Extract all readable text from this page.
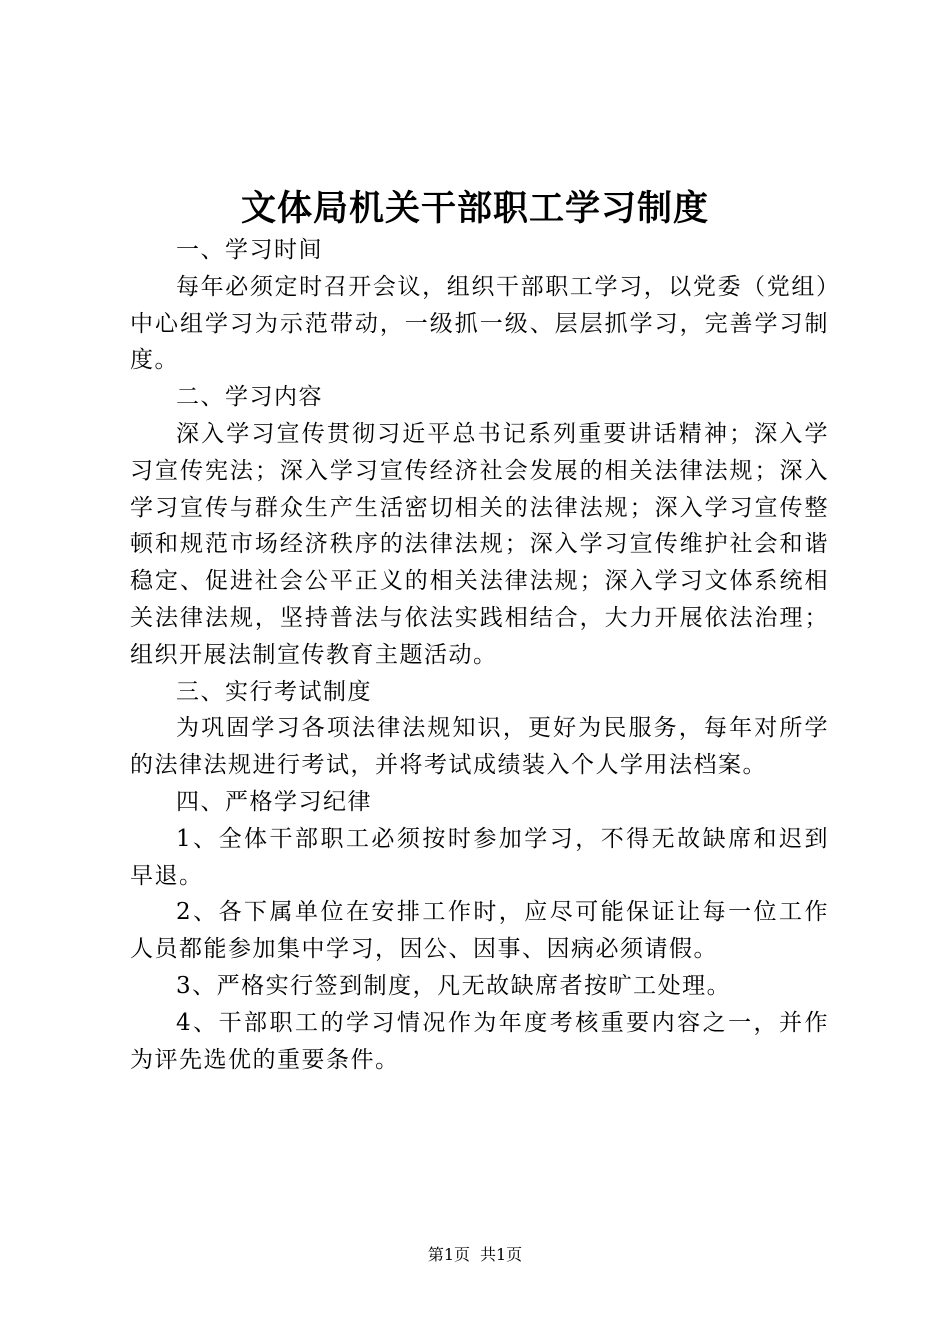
文体局机关干部职工学习制度

一、学习时间

每年必须定时召开会议，组织干部职工学习，以党委（党组）中心组学习为示范带动，一级抓一级、层层抓学习，完善学习制度。

二、学习内容

深入学习宣传贯彻习近平总书记系列重要讲话精神；深入学习宣传宪法；深入学习宣传经济社会发展的相关法律法规；深入学习宣传与群众生产生活密切相关的法律法规；深入学习宣传整顿和规范市场经济秩序的法律法规；深入学习宣传维护社会和谐稳定、促进社会公平正义的相关法律法规；深入学习文体系统相关法律法规，坚持普法与依法实践相结合，大力开展依法治理；组织开展法制宣传教育主题活动。

三、实行考试制度

为巩固学习各项法律法规知识，更好为民服务，每年对所学的法律法规进行考试，并将考试成绩装入个人学用法档案。

四、严格学习纪律

1、全体干部职工必须按时参加学习，不得无故缺席和迟到早退。

2、各下属单位在安排工作时，应尽可能保证让每一位工作人员都能参加集中学习，因公、因事、因病必须请假。

3、严格实行签到制度，凡无故缺席者按旷工处理。

4、干部职工的学习情况作为年度考核重要内容之一，并作为评先选优的重要条件。

第1页 共1页
